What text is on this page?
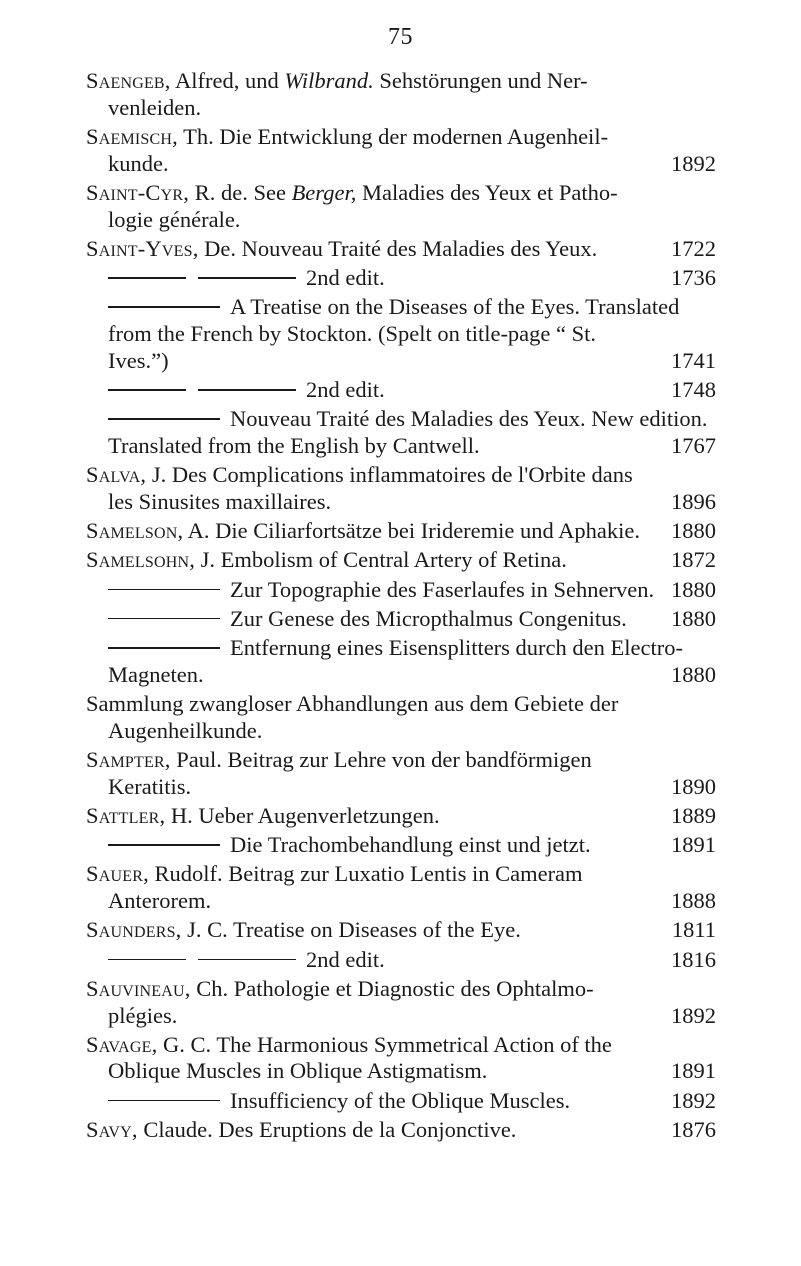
75
Saengeb, Alfred, und Wilbrand. Sehstörungen und Ner-
venleiden.
Saemisch, Th. Die Entwicklung der modernen Augenheil-
kunde.	1892
Saint-Cyr, R. de. See Berger, Maladies des Yeux et Patho-
logie générale.
Saint-Yves, De. Nouveau Traité des Maladies des Yeux.	1722
2nd edit.	1736
A Treatise on the Diseases of the Eyes. Translated
from the French by Stockton. (Spelt on title-page “ St.
Ives.”)	1741
2nd edit.	1748
Nouveau Traité des Maladies des Yeux. New edition.
Translated from the English by Cantwell.	1767
Salva, J. Des Complications inflammatoires de l'Orbite dans
les Sinusites maxillaires.	1896
Samelson, A. Die Ciliarfortsätze bei Irideremie und Aphakie. 1880
Samelsohn, J. Embolism of Central Artery of Retina.	1872
Zur Topographie des Faserlaufes in Sehnerven. 1880
Zur Genese des Micropthalmus Congenitus. 1880
Entfernung eines Eisensplitters durch den Electro-
Magneten.	1880
Sammlung zwangloser Abhandlungen aus dem Gebiete der
Augenheilkunde.
Sampter, Paul. Beitrag zur Lehre von der bandförmigen
Keratitis.	1890
Sattler, H. Ueber Augenverletzungen.	1889
Die Trachombehandlung einst und jetzt.	1891
Sauer, Rudolf. Beitrag zur Luxatio Lentis in Cameram
Anterorem.	1888
Saunders, J. C. Treatise on Diseases of the Eye.	1811
2nd edit.	1816
Sauvineau, Ch. Pathologie et Diagnostic des Ophtalmo-
plégies.	1892
Savage, G. C. The Harmonious Symmetrical Action of the
Oblique Muscles in Oblique Astigmatism.	1891
Insufficiency of the Oblique Muscles.	1892
Savy, Claude. Des Eruptions de la Conjonctive.	1876
